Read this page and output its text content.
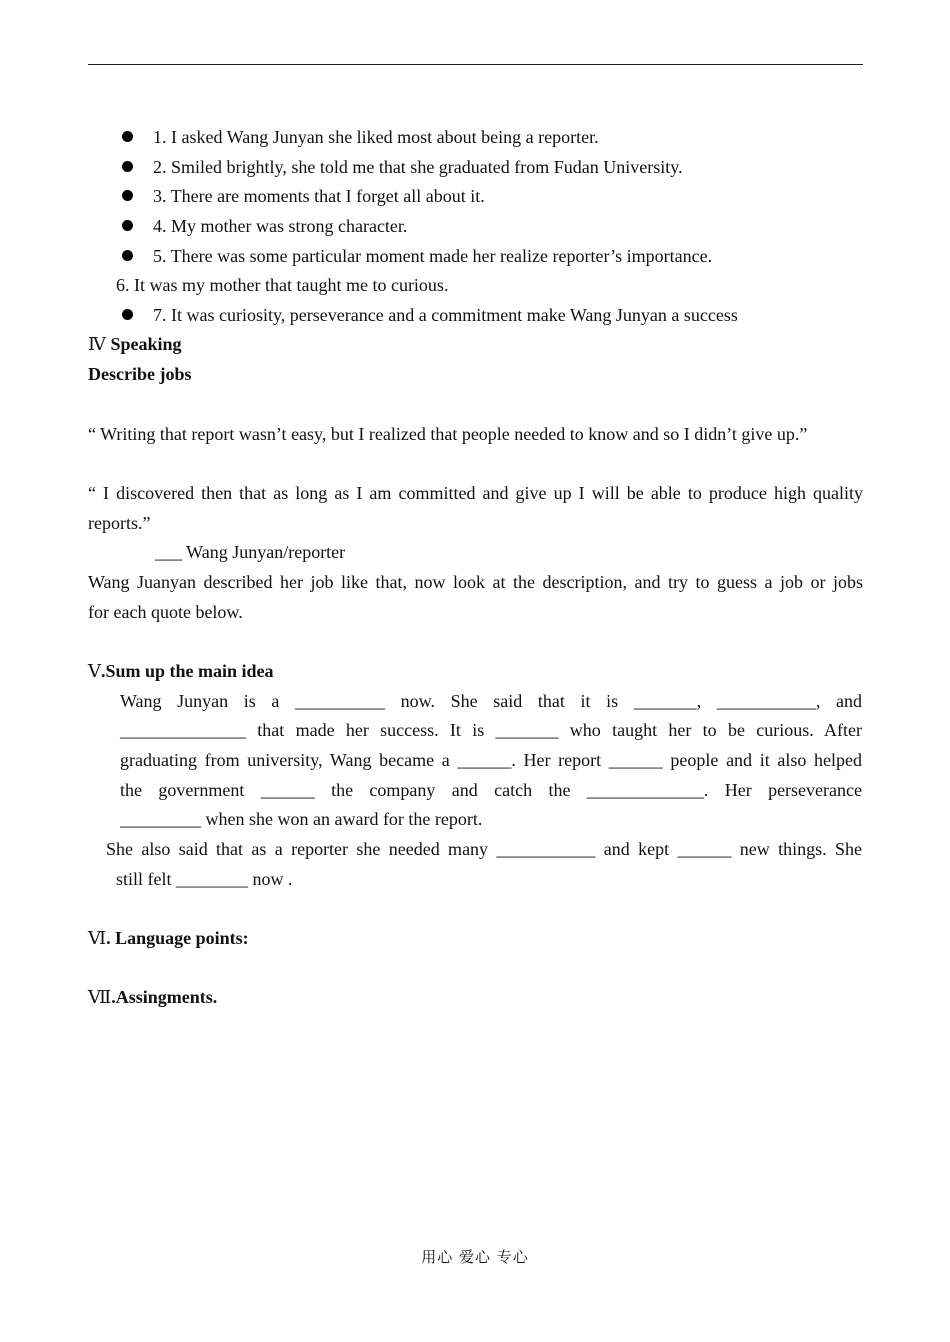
1. I asked Wang Junyan she liked most about being a reporter.
2. Smiled brightly, she told me that she graduated from Fudan University.
3. There are moments that I forget all about it.
4. My mother was strong character.
5. There was some particular moment made her realize reporter’s importance.
6. It was my mother that taught me to curious.
7. It was curiosity, perseverance and a commitment make Wang Junyan a success
Ⅳ Speaking
Describe jobs
“ Writing that report wasn’t easy, but I realized that people needed to know and so I didn’t give up.”
“ I discovered then that as long as I am committed and give up I will be able to produce high quality
reports.”
___ Wang Junyan/reporter
Wang Juanyan described her job like that, now look at the description, and try to guess a job or jobs
for each quote below.
Ⅴ.Sum up the main idea
Wang Junyan is a __________ now. She said that it is _______, ___________, and
______________ that made her success. It is _______ who taught her to be curious. After
graduating from university, Wang became a ______. Her report ______ people and it also helped
the government ______ the company and catch the _____________. Her perseverance
_________ when she won an award for the report.
She also said that as a reporter she needed many ___________ and kept ______ new things. She
still felt ________ now .
Ⅵ. Language points:
Ⅶ.Assingments.
用心 爱心 专心
